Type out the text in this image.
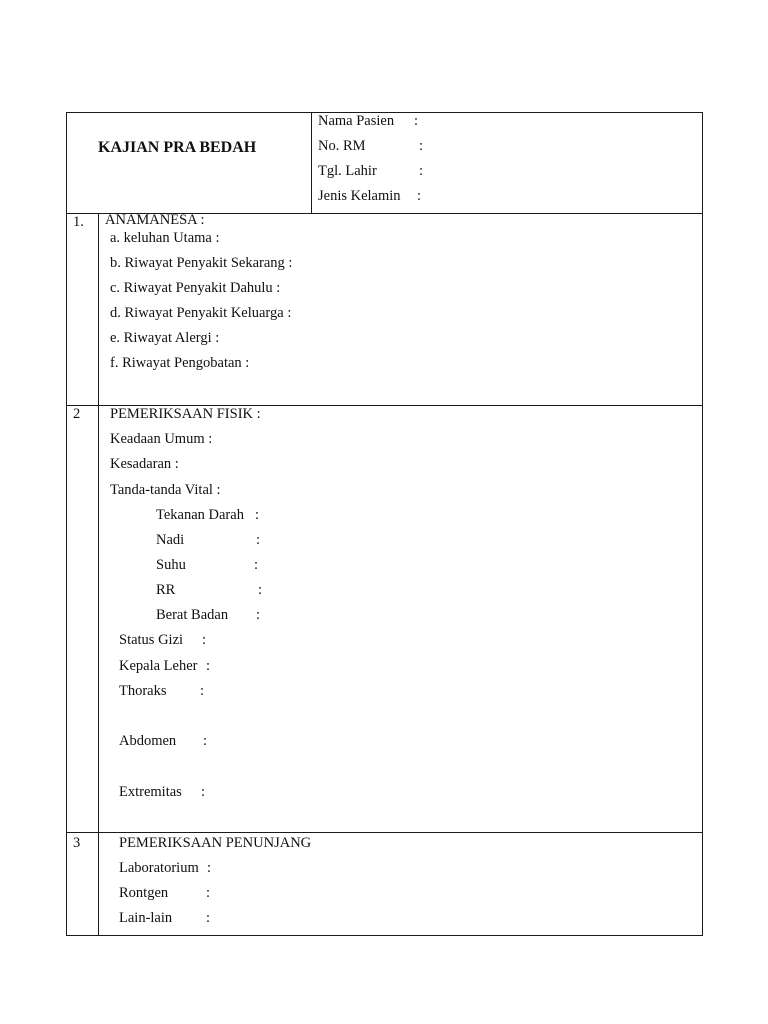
KAJIAN PRA BEDAH
Nama Pasien :
No. RM	:
Tgl. Lahir	:
Jenis Kelamin :
1. ANAMANESA :
a. keluhan Utama :
b. Riwayat Penyakit Sekarang :
c. Riwayat Penyakit Dahulu :
d. Riwayat Penyakit Keluarga :
e. Riwayat Alergi :
f. Riwayat Pengobatan :
2 PEMERIKSAAN FISIK :
Keadaan Umum :
Kesadaran :
Tanda-tanda Vital :
Tekanan Darah :
Nadi	:
Suhu	:
RR	:
Berat Badan :
Status Gizi :
Kepala Leher :
Thoraks :
Abdomen :
Extremitas :
3	PEMERIKSAAN PENUNJANG
Laboratorium :
Rontgen	:
Lain-lain :
